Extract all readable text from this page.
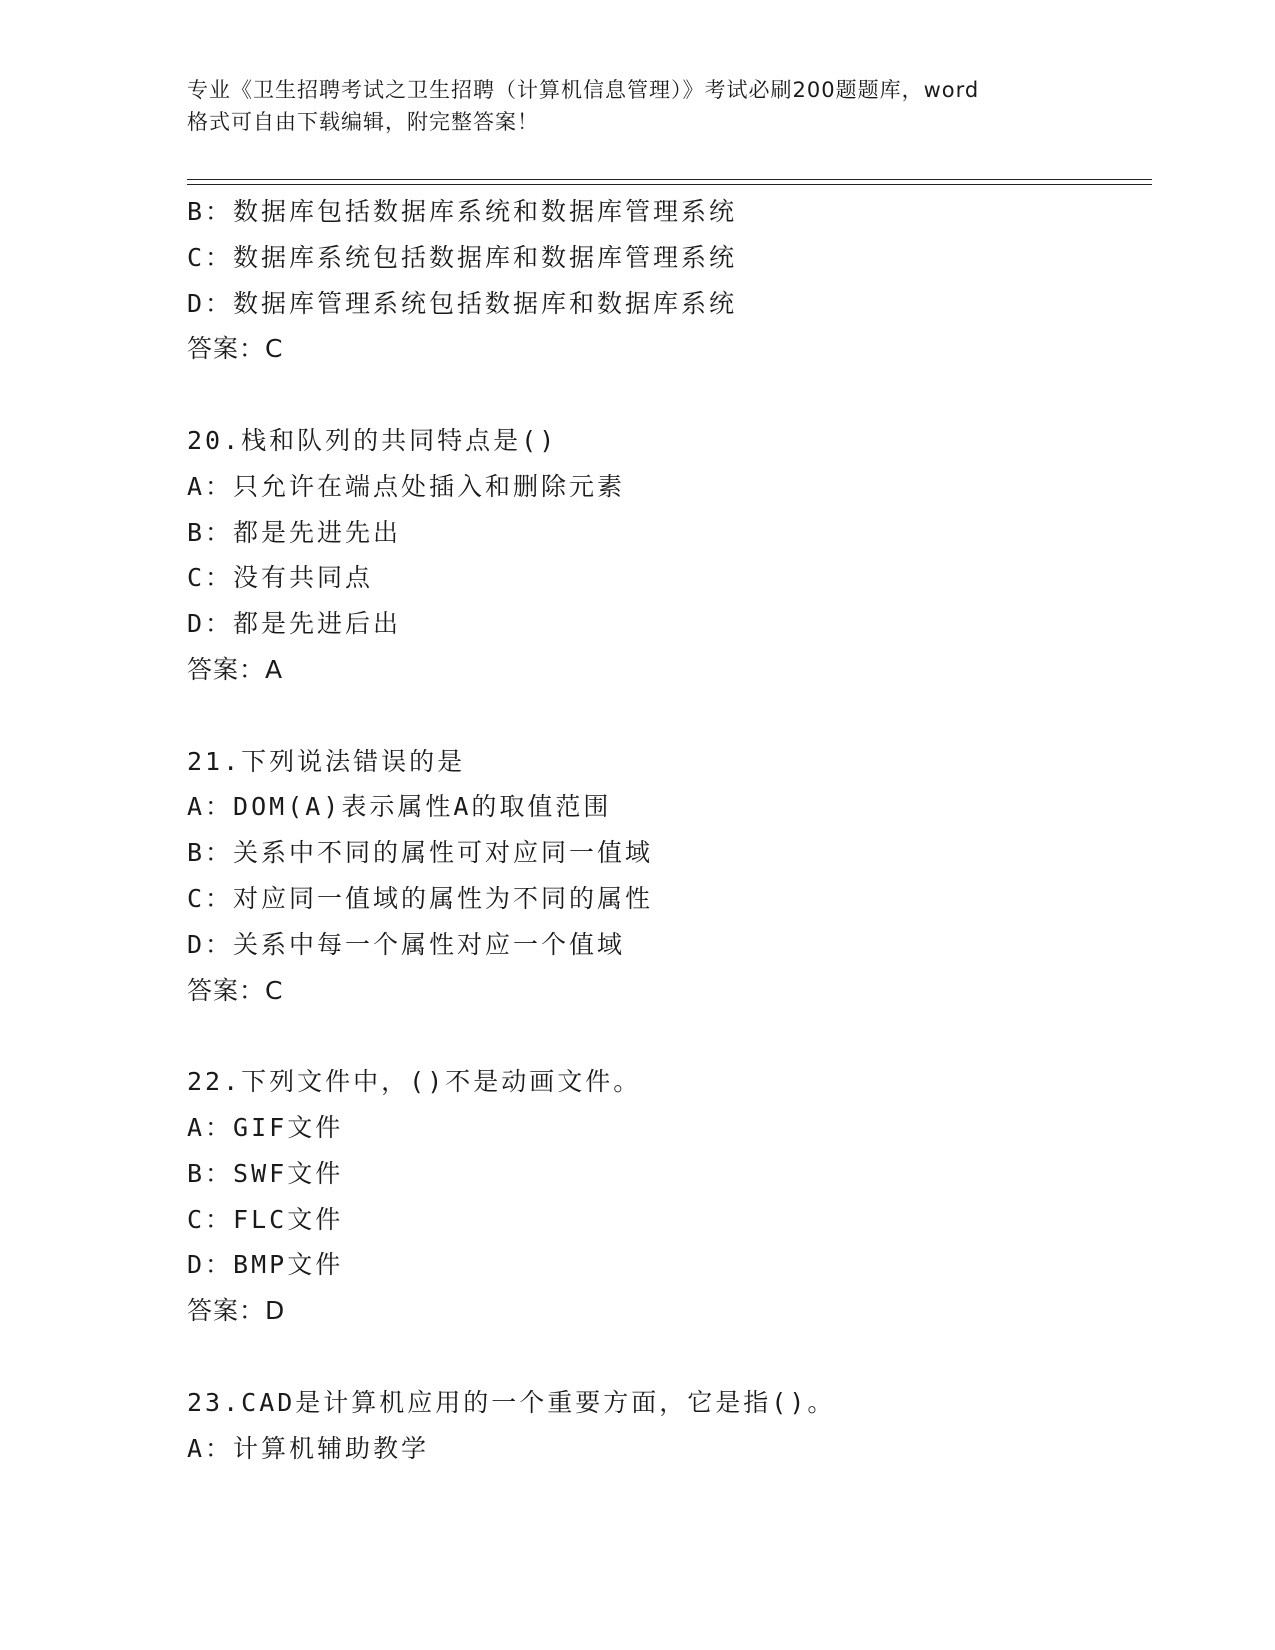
专业《卫生招聘考试之卫生招聘（计算机信息管理）》考试必刷200题题库，word
格式可自由下载编辑，附完整答案！
B：数据库包括数据库系统和数据库管理系统
C：数据库系统包括数据库和数据库管理系统
D：数据库管理系统包括数据库和数据库系统
答案：C
20.栈和队列的共同特点是()
A：只允许在端点处插入和删除元素
B：都是先进先出
C：没有共同点
D：都是先进后出
答案：A
21.下列说法错误的是
A：DOM(A)表示属性A的取值范围
B：关系中不同的属性可对应同一值域
C：对应同一值域的属性为不同的属性
D：关系中每一个属性对应一个值域
答案：C
22.下列文件中，()不是动画文件。
A：GIF文件
B：SWF文件
C：FLC文件
D：BMP文件
答案：D
23.CAD是计算机应用的一个重要方面，它是指()。
A：计算机辅助教学
